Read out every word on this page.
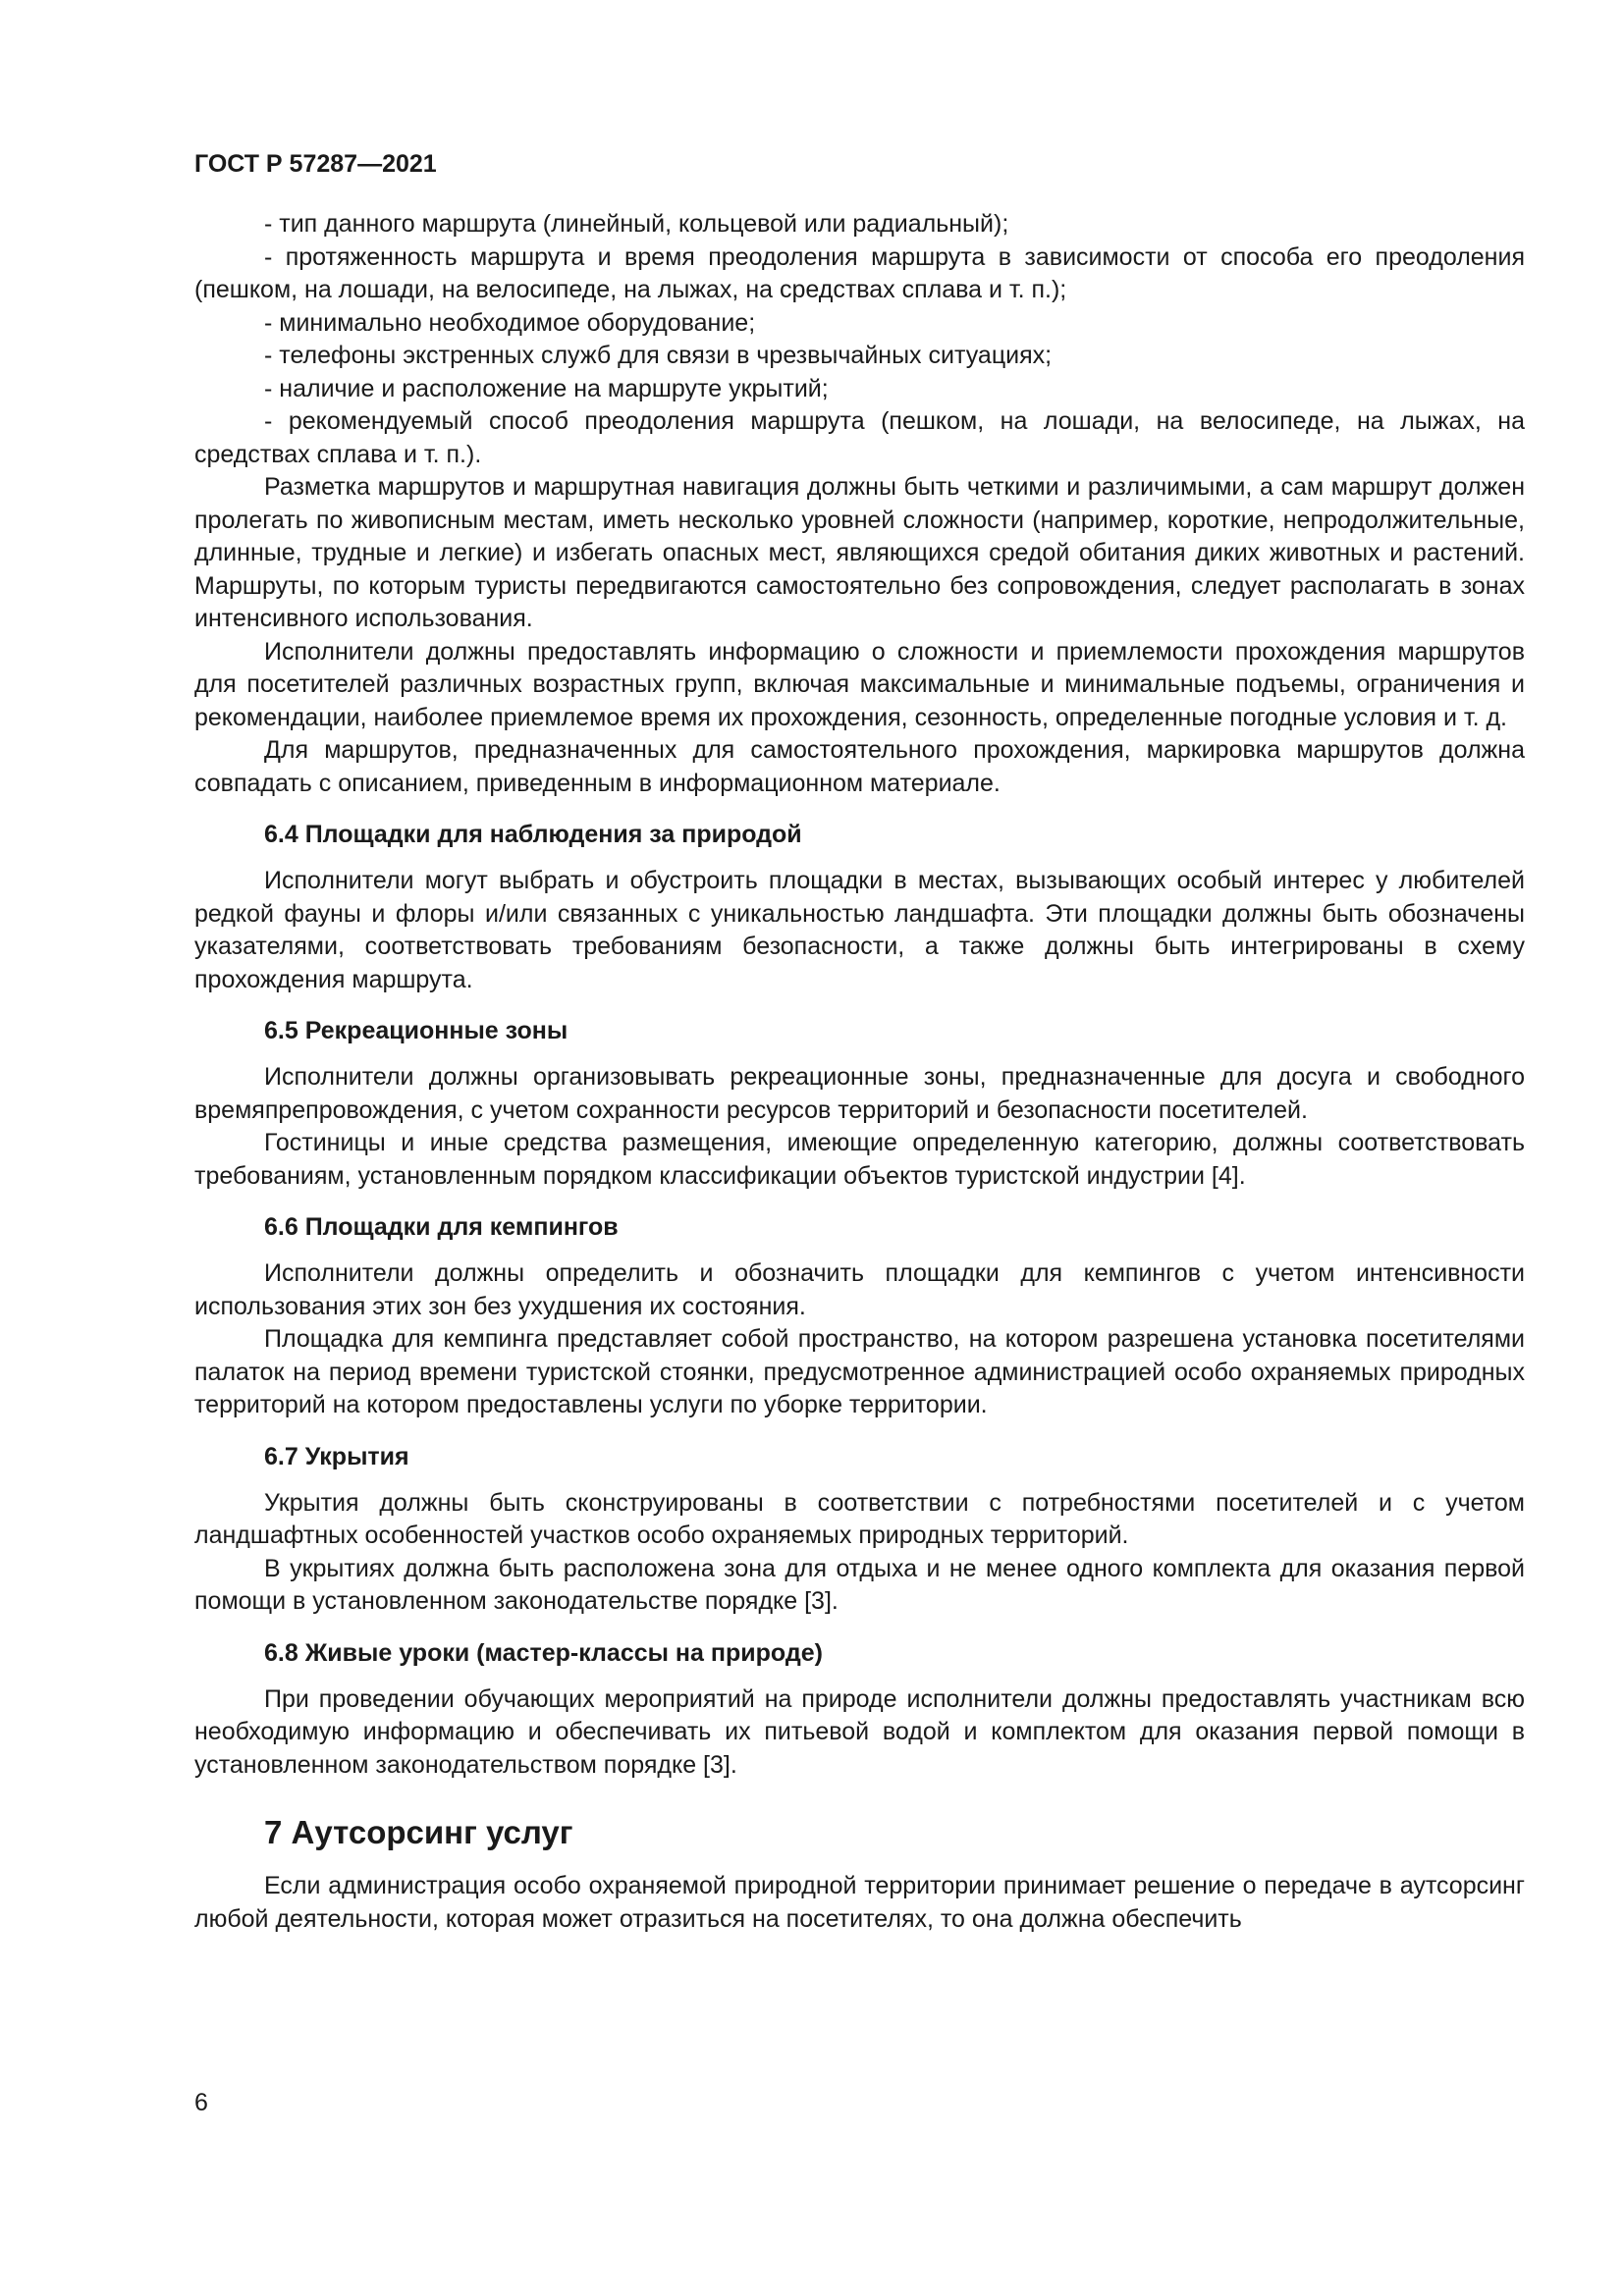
ГОСТ Р 57287—2021

- тип данного маршрута (линейный, кольцевой или радиальный);

- протяженность маршрута и время преодоления маршрута в зависимости от способа его преодоления (пешком, на лошади, на велосипеде, на лыжах, на средствах сплава и т. п.);

- минимально необходимое оборудование;

- телефоны экстренных служб для связи в чрезвычайных ситуациях;

- наличие и расположение на маршруте укрытий;

- рекомендуемый способ преодоления маршрута (пешком, на лошади, на велосипеде, на лыжах, на средствах сплава и т. п.).

Разметка маршрутов и маршрутная навигация должны быть четкими и различимыми, а сам маршрут должен пролегать по живописным местам, иметь несколько уровней сложности (например, короткие, непродолжительные, длинные, трудные и легкие) и избегать опасных мест, являющихся средой обитания диких животных и растений. Маршруты, по которым туристы передвигаются самостоятельно без сопровождения, следует располагать в зонах интенсивного использования.

Исполнители должны предоставлять информацию о сложности и приемлемости прохождения маршрутов для посетителей различных возрастных групп, включая максимальные и минимальные подъемы, ограничения и рекомендации, наиболее приемлемое время их прохождения, сезонность, определенные погодные условия и т. д.

Для маршрутов, предназначенных для самостоятельного прохождения, маркировка маршрутов должна совпадать с описанием, приведенным в информационном материале.

6.4 Площадки для наблюдения за природой

Исполнители могут выбрать и обустроить площадки в местах, вызывающих особый интерес у любителей редкой фауны и флоры и/или связанных с уникальностью ландшафта. Эти площадки должны быть обозначены указателями, соответствовать требованиям безопасности, а также должны быть интегрированы в схему прохождения маршрута.

6.5 Рекреационные зоны

Исполнители должны организовывать рекреационные зоны, предназначенные для досуга и свободного времяпрепровождения, с учетом сохранности ресурсов территорий и безопасности посетителей.

Гостиницы и иные средства размещения, имеющие определенную категорию, должны соответствовать требованиям, установленным порядком классификации объектов туристской индустрии [4].

6.6 Площадки для кемпингов

Исполнители должны определить и обозначить площадки для кемпингов с учетом интенсивности использования этих зон без ухудшения их состояния.

Площадка для кемпинга представляет собой пространство, на котором разрешена установка посетителями палаток на период времени туристской стоянки, предусмотренное администрацией особо охраняемых природных территорий на котором предоставлены услуги по уборке территории.

6.7 Укрытия

Укрытия должны быть сконструированы в соответствии с потребностями посетителей и с учетом ландшафтных особенностей участков особо охраняемых природных территорий.

В укрытиях должна быть расположена зона для отдыха и не менее одного комплекта для оказания первой помощи в установленном законодательстве порядке [3].

6.8 Живые уроки (мастер-классы на природе)

При проведении обучающих мероприятий на природе исполнители должны предоставлять участникам всю необходимую информацию и обеспечивать их питьевой водой и комплектом для оказания первой помощи в установленном законодательством порядке [3].

7 Аутсорсинг услуг

Если администрация особо охраняемой природной территории принимает решение о передаче в аутсорсинг любой деятельности, которая может отразиться на посетителях, то она должна обеспечить

6
